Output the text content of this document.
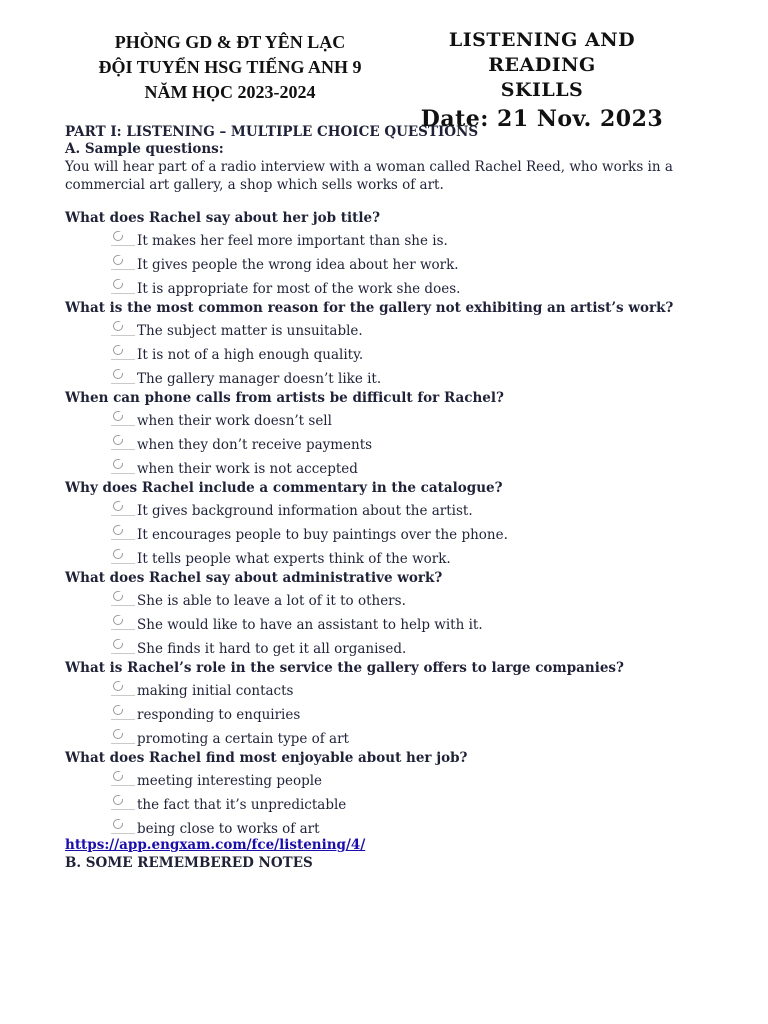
PHÒNG GD & ĐT YÊN LẠC
ĐỘI TUYỂN HSG TIẾNG ANH 9
NĂM HỌC 2023-2024
LISTENING AND READING
SKILLS
Date: 21 Nov. 2023
PART I: LISTENING – MULTIPLE CHOICE QUESTIONS
A. Sample questions:
You will hear part of a radio interview with a woman called Rachel Reed, who works in a
commercial art gallery, a shop which sells works of art.
What does Rachel say about her job title?
It makes her feel more important than she is.
It gives people the wrong idea about her work.
It is appropriate for most of the work she does.
What is the most common reason for the gallery not exhibiting an artist’s work?
The subject matter is unsuitable.
It is not of a high enough quality.
The gallery manager doesn’t like it.
When can phone calls from artists be difficult for Rachel?
when their work doesn’t sell
when they don’t receive payments
when their work is not accepted
Why does Rachel include a commentary in the catalogue?
It gives background information about the artist.
It encourages people to buy paintings over the phone.
It tells people what experts think of the work.
What does Rachel say about administrative work?
She is able to leave a lot of it to others.
She would like to have an assistant to help with it.
She finds it hard to get it all organised.
What is Rachel’s role in the service the gallery offers to large companies?
making initial contacts
responding to enquiries
promoting a certain type of art
What does Rachel find most enjoyable about her job?
meeting interesting people
the fact that it’s unpredictable
being close to works of art
https://app.engxam.com/fce/listening/4/
B. SOME REMEMBERED NOTES
